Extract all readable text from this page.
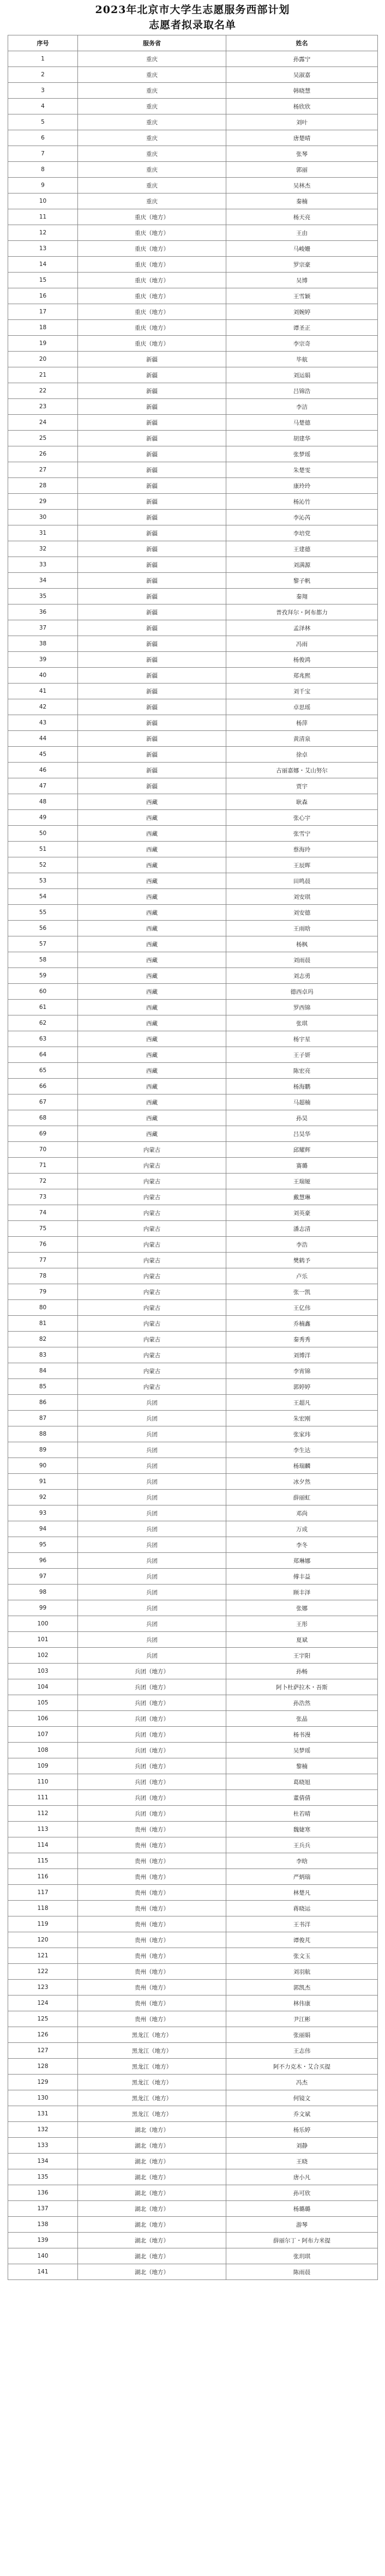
2023年北京市大学生志愿服务西部计划
志愿者拟录取名单
序号	服务省	姓名
1	重庆	孙露宁
2	重庆	吴淑嘉
3	重庆	韩晓慧
4	重庆	杨欣欣
5	重庆	刘叶
6	重庆	唐楚晴
7	重庆	张琴
8	重庆	郭丽
9	重庆	吴林杰
10	重庆	秦楠
11	重庆（地方）	杨天亮
12	重庆（地方）	王由
13	重庆（地方）	马峻姗
14	重庆（地方）	罗宗豪
15	重庆（地方）	吴博
16	重庆（地方）	王雪颖
17	重庆（地方）	刘婉婷
18	重庆（地方）	谭圣正
19	重庆（地方）	李宗奇
20	新疆	毕航
21	新疆	刘运娟
22	新疆	吕锦浩
23	新疆	李洁
24	新疆	马楚德
25	新疆	胡建华
26	新疆	张梦瑶
27	新疆	朱楚雯
28	新疆	康玲玲
29	新疆	杨沁竹
30	新疆	李沁芮
31	新疆	李培党
32	新疆	王建德
33	新疆	刘满源
34	新疆	黎子帆
35	新疆	秦翔
36	新疆	普孜拜尔・阿布都力
37	新疆	孟泽林
38	新疆	冯雨
39	新疆	杨俊鸿
40	新疆	郑兆熙
41	新疆	刘千宝
42	新疆	卓思瑶
43	新疆	杨萍
44	新疆	黄清泉
45	新疆	徐卓
46	新疆	古丽嘉娜・艾山努尔
47	新疆	贾宇
48	西藏	耿森
49	西藏	张心宇
50	西藏	张雪宁
51	西藏	蔡海玲
52	西藏	王辰晖
53	西藏	田鸣晨
54	西藏	刘安琪
55	西藏	刘安德
56	西藏	王雨晗
57	西藏	杨枫
58	西藏	刘雨晨
59	西藏	刘志勇
60	西藏	德西卓玛
61	西藏	罗西锦
62	西藏	张琪
63	西藏	杨宇星
64	西藏	王子妍
65	西藏	陈宏亮
66	西藏	杨海鹏
67	西藏	马超楠
68	西藏	孙昊
69	西藏	吕昊华
70	内蒙古	邱耀辉
71	内蒙古	赛璐
72	内蒙古	王瑞娅
73	内蒙古	戴慧琳
74	内蒙古	刘英豪
75	内蒙古	潘志清
76	内蒙古	李浩
77	内蒙古	樊鹤予
78	内蒙古	卢乐
79	内蒙古	张一凯
80	内蒙古	王亿伟
81	内蒙古	乔楠鑫
82	内蒙古	秦秀秀
83	内蒙古	刘博洋
84	内蒙古	李宵锦
85	内蒙古	郭婷婷
86	兵团	王超凡
87	兵团	朱宏刚
88	兵团	张家玮
89	兵团	李生达
90	兵团	杨瑞麟
91	兵团	冰夕然
92	兵团	薛丽虹
93	兵团	邓尚
94	兵团	万成
95	兵团	李冬
96	兵团	郑琳娜
97	兵团	傅丰益
98	兵团	顾丰泽
99	兵团	张娜
100	兵团	王彤
101	兵团	夏斌
102	兵团	王宇阳
103	兵团（地方）	孙畅
104	兵团（地方）	阿卜杜萨拉木・吾斯
105	兵团（地方）	孙浩然
106	兵团（地方）	张晶
107	兵团（地方）	杨书漫
108	兵团（地方）	吴梦瑶
109	兵团（地方）	黎楠
110	兵团（地方）	葛晓旭
111	兵团（地方）	董倩倩
112	兵团（地方）	杜若晴
113	贵州（地方）	魏婕寒
114	贵州（地方）	王兵兵
115	贵州（地方）	李晗
116	贵州（地方）	严炳瑞
117	贵州（地方）	林楚凡
118	贵州（地方）	蒋晓运
119	贵州（地方）	王书洋
120	贵州（地方）	谭俊芃
121	贵州（地方）	张文玉
122	贵州（地方）	刘羽航
123	贵州（地方）	郭凯杰
124	贵州（地方）	林伟康
125	贵州（地方）	尹江彬
126	黑龙江（地方）	张丽娟
127	黑龙江（地方）	王志伟
128	黑龙江（地方）	阿不力克木・艾合买提
129	黑龙江（地方）	冯杰
130	黑龙江（地方）	何镜文
131	黑龙江（地方）	乔文斌
132	湖北（地方）	杨乐婷
133	湖北（地方）	刘静
134	湖北（地方）	王晓
135	湖北（地方）	唐小凡
136	湖北（地方）	孙可欣
137	湖北（地方）	杨璐璐
138	湖北（地方）	游琴
139	湖北（地方）	薛丽尔丁・阿布力米提
140	湖北（地方）	张玥琪
141	湖北（地方）	陈雨晨
